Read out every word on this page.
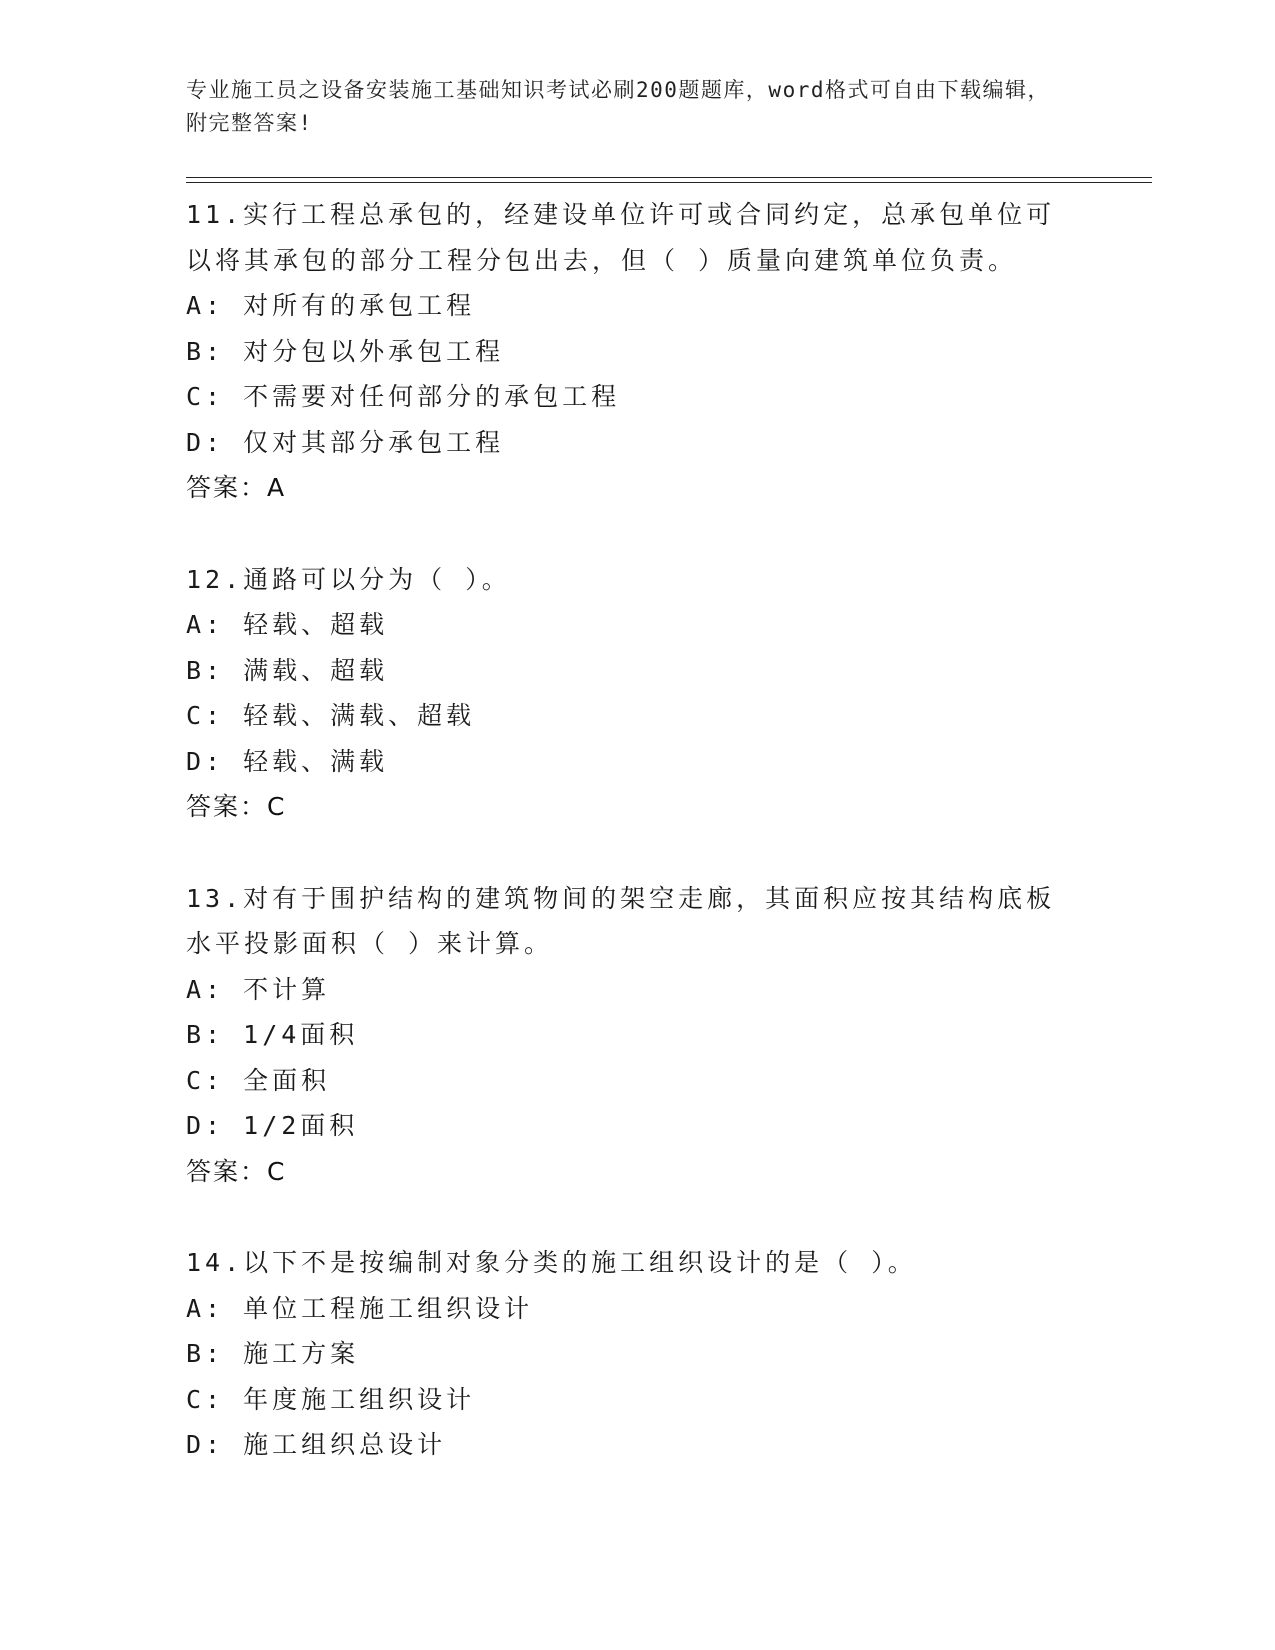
专业施工员之设备安装施工基础知识考试必刷200题题库，word格式可自由下载编辑，附完整答案!
11.实行工程总承包的，经建设单位许可或合同约定，总承包单位可以将其承包的部分工程分包出去，但（ ）质量向建筑单位负责。
A: 对所有的承包工程
B: 对分包以外承包工程
C: 不需要对任何部分的承包工程
D: 仅对其部分承包工程
答案：A
12.通路可以分为（ ）。
A: 轻载、超载
B: 满载、超载
C: 轻载、满载、超载
D: 轻载、满载
答案：C
13.对有于围护结构的建筑物间的架空走廊，其面积应按其结构底板水平投影面积（ ）来计算。
A: 不计算
B: 1/4面积
C: 全面积
D: 1/2面积
答案：C
14.以下不是按编制对象分类的施工组织设计的是（ ）。
A: 单位工程施工组织设计
B: 施工方案
C: 年度施工组织设计
D: 施工组织总设计
